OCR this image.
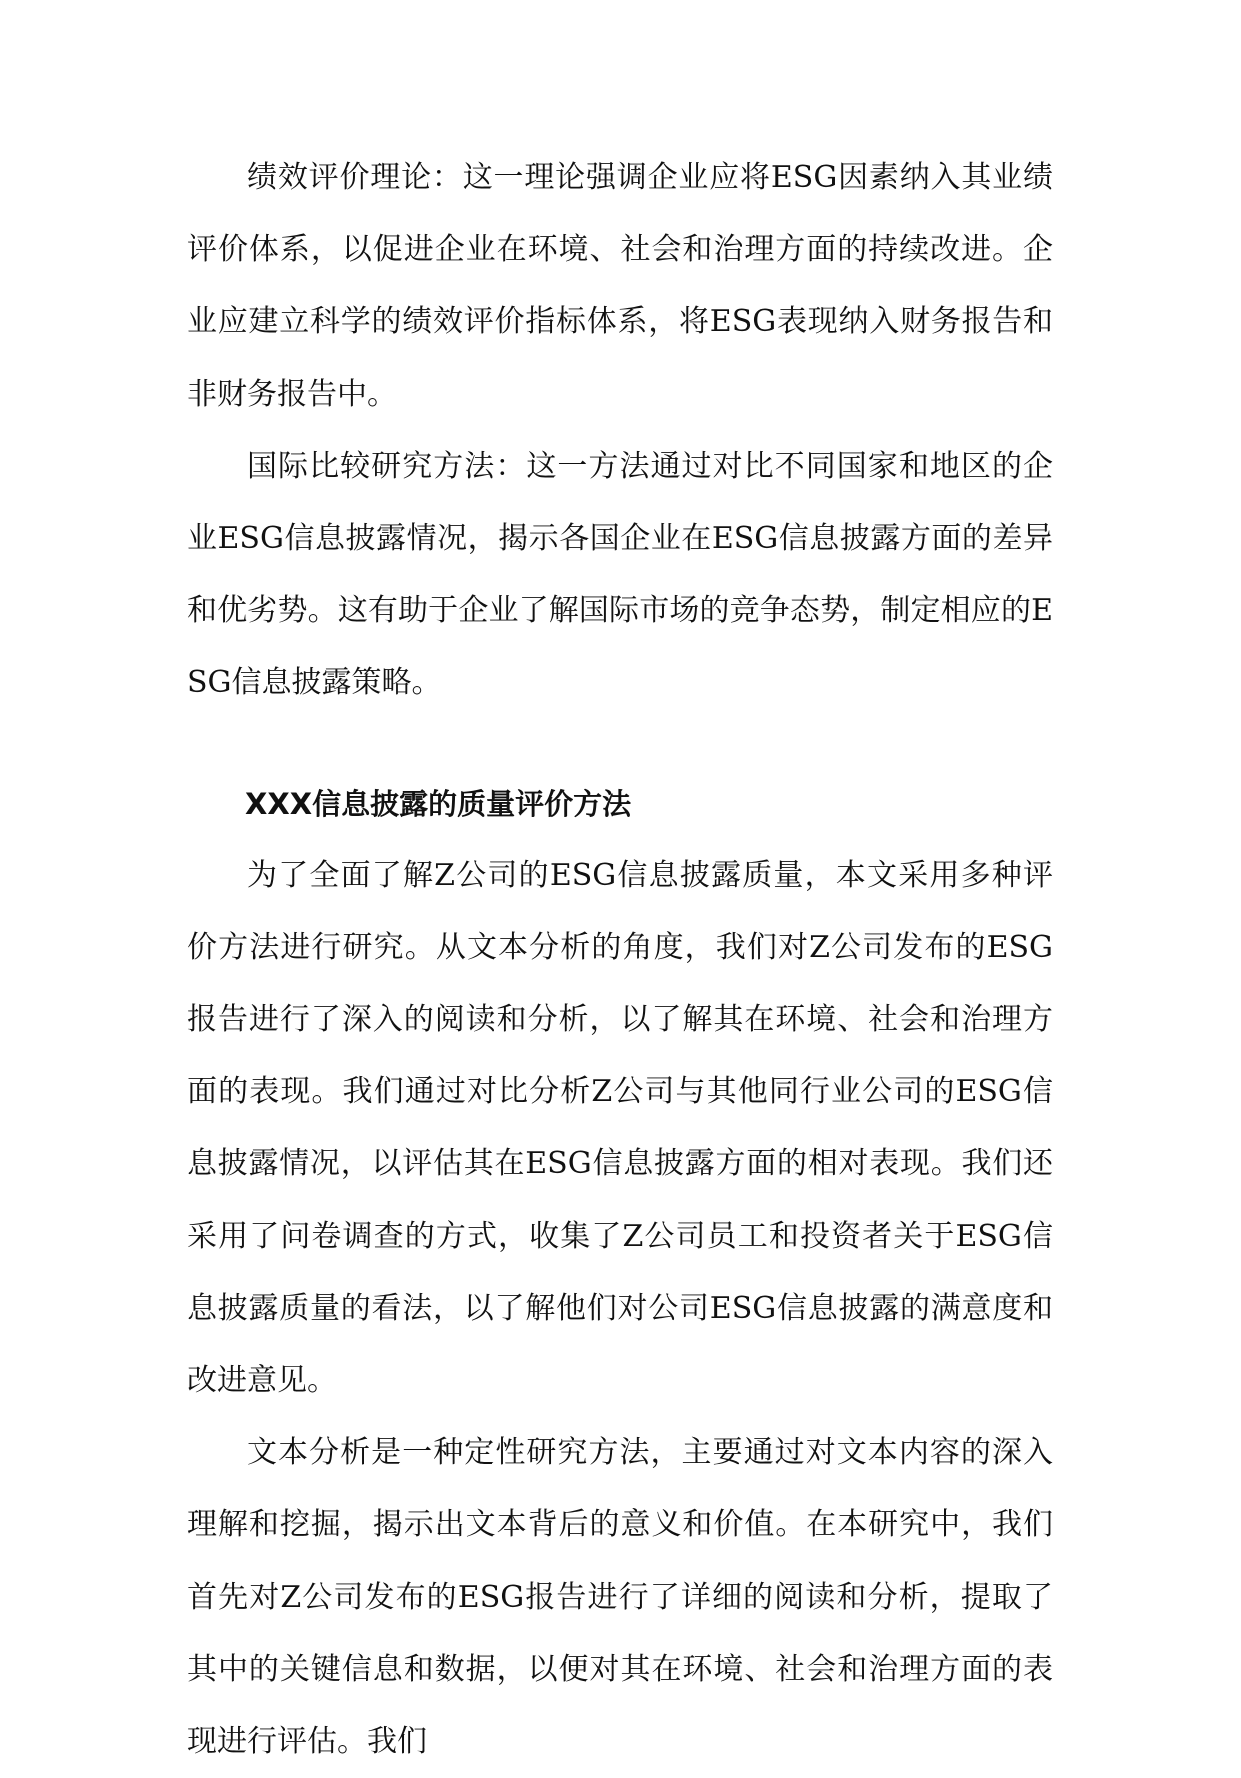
绩效评价理论：这一理论强调企业应将ESG因素纳入其业绩评价体系，以促进企业在环境、社会和治理方面的持续改进。企业应建立科学的绩效评价指标体系，将ESG表现纳入财务报告和非财务报告中。

国际比较研究方法：这一方法通过对比不同国家和地区的企业ESG信息披露情况，揭示各国企业在ESG信息披露方面的差异和优劣势。这有助于企业了解国际市场的竞争态势，制定相应的ESG信息披露策略。

XXX信息披露的质量评价方法

为了全面了解Z公司的ESG信息披露质量，本文采用多种评价方法进行研究。从文本分析的角度，我们对Z公司发布的ESG报告进行了深入的阅读和分析，以了解其在环境、社会和治理方面的表现。我们通过对比分析Z公司与其他同行业公司的ESG信息披露情况，以评估其在ESG信息披露方面的相对表现。我们还采用了问卷调查的方式，收集了Z公司员工和投资者关于ESG信息披露质量的看法，以了解他们对公司ESG信息披露的满意度和改进意见。

文本分析是一种定性研究方法，主要通过对文本内容的深入理解和挖掘，揭示出文本背后的意义和价值。在本研究中，我们首先对Z公司发布的ESG报告进行了详细的阅读和分析，提取了其中的关键信息和数据，以便对其在环境、社会和治理方面的表现进行评估。我们
